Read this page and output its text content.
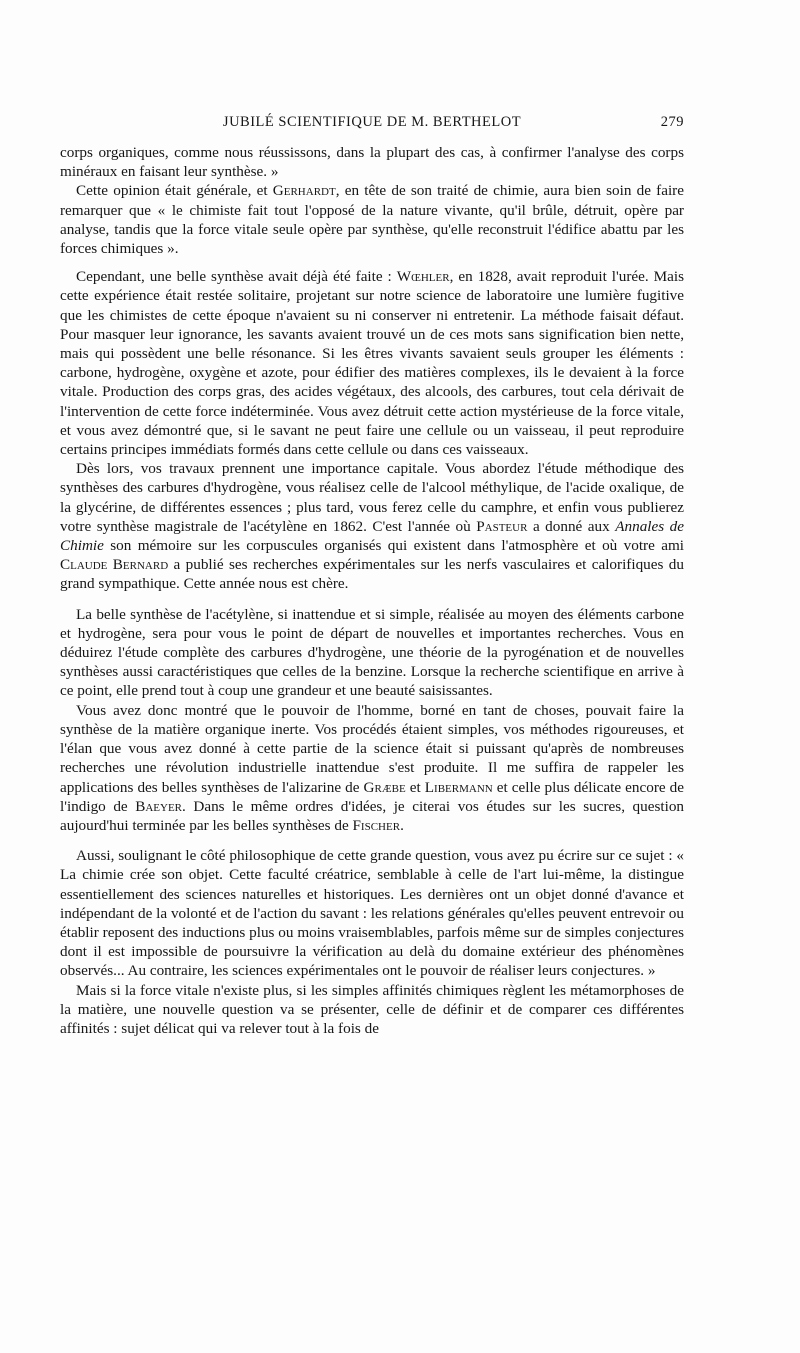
JUBILÉ SCIENTIFIQUE DE M. BERTHELOT	279

corps organiques, comme nous réussissons, dans la plupart des cas, à confirmer l'analyse des corps minéraux en faisant leur synthèse. »

Cette opinion était générale, et Gerhardt, en tête de son traité de chimie, aura bien soin de faire remarquer que « le chimiste fait tout l'opposé de la nature vivante, qu'il brûle, détruit, opère par analyse, tandis que la force vitale seule opère par synthèse, qu'elle reconstruit l'édifice abattu par les forces chimiques ».

Cependant, une belle synthèse avait déjà été faite : Wœhler, en 1828, avait reproduit l'urée. Mais cette expérience était restée solitaire, projetant sur notre science de laboratoire une lumière fugitive que les chimistes de cette époque n'avaient su ni conserver ni entretenir. La méthode faisait défaut. Pour masquer leur ignorance, les savants avaient trouvé un de ces mots sans signification bien nette, mais qui possèdent une belle résonance. Si les êtres vivants savaient seuls grouper les éléments : carbone, hydrogène, oxygène et azote, pour édifier des matières complexes, ils le devaient à la force vitale. Production des corps gras, des acides végétaux, des alcools, des carbures, tout cela dérivait de l'intervention de cette force indéterminée. Vous avez détruit cette action mystérieuse de la force vitale, et vous avez démontré que, si le savant ne peut faire une cellule ou un vaisseau, il peut reproduire certains principes immédiats formés dans cette cellule ou dans ces vaisseaux.

Dès lors, vos travaux prennent une importance capitale. Vous abordez l'étude méthodique des synthèses des carbures d'hydrogène, vous réalisez celle de l'alcool méthylique, de l'acide oxalique, de la glycérine, de différentes essences ; plus tard, vous ferez celle du camphre, et enfin vous publierez votre synthèse magistrale de l'acétylène en 1862. C'est l'année où Pasteur a donné aux Annales de Chimie son mémoire sur les corpuscules organisés qui existent dans l'atmosphère et où votre ami Claude Bernard a publié ses recherches expérimentales sur les nerfs vasculaires et calorifiques du grand sympathique. Cette année nous est chère.

La belle synthèse de l'acétylène, si inattendue et si simple, réalisée au moyen des éléments carbone et hydrogène, sera pour vous le point de départ de nouvelles et importantes recherches. Vous en déduirez l'étude complète des carbures d'hydrogène, une théorie de la pyrogénation et de nouvelles synthèses aussi caractéristiques que celles de la benzine. Lorsque la recherche scientifique en arrive à ce point, elle prend tout à coup une grandeur et une beauté saisissantes.

Vous avez donc montré que le pouvoir de l'homme, borné en tant de choses, pouvait faire la synthèse de la matière organique inerte. Vos procédés étaient simples, vos méthodes rigoureuses, et l'élan que vous avez donné à cette partie de la science était si puissant qu'après de nombreuses recherches une révolution industrielle inattendue s'est produite. Il me suffira de rappeler les applications des belles synthèses de l'alizarine de Græbe et Libermann et celle plus délicate encore de l'indigo de Baeyer. Dans le même ordres d'idées, je citerai vos études sur les sucres, question aujourd'hui terminée par les belles synthèses de Fischer.

Aussi, soulignant le côté philosophique de cette grande question, vous avez pu écrire sur ce sujet : « La chimie crée son objet. Cette faculté créatrice, semblable à celle de l'art lui-même, la distingue essentiellement des sciences naturelles et historiques. Les dernières ont un objet donné d'avance et indépendant de la volonté et de l'action du savant : les relations générales qu'elles peuvent entrevoir ou établir reposent des inductions plus ou moins vraisemblables, parfois même sur de simples conjectures dont il est impossible de poursuivre la vérification au delà du domaine extérieur des phénomènes observés... Au contraire, les sciences expérimentales ont le pouvoir de réaliser leurs conjectures. »

Mais si la force vitale n'existe plus, si les simples affinités chimiques règlent les métamorphoses de la matière, une nouvelle question va se présenter, celle de définir et de comparer ces différentes affinités : sujet délicat qui va relever tout à la fois de
